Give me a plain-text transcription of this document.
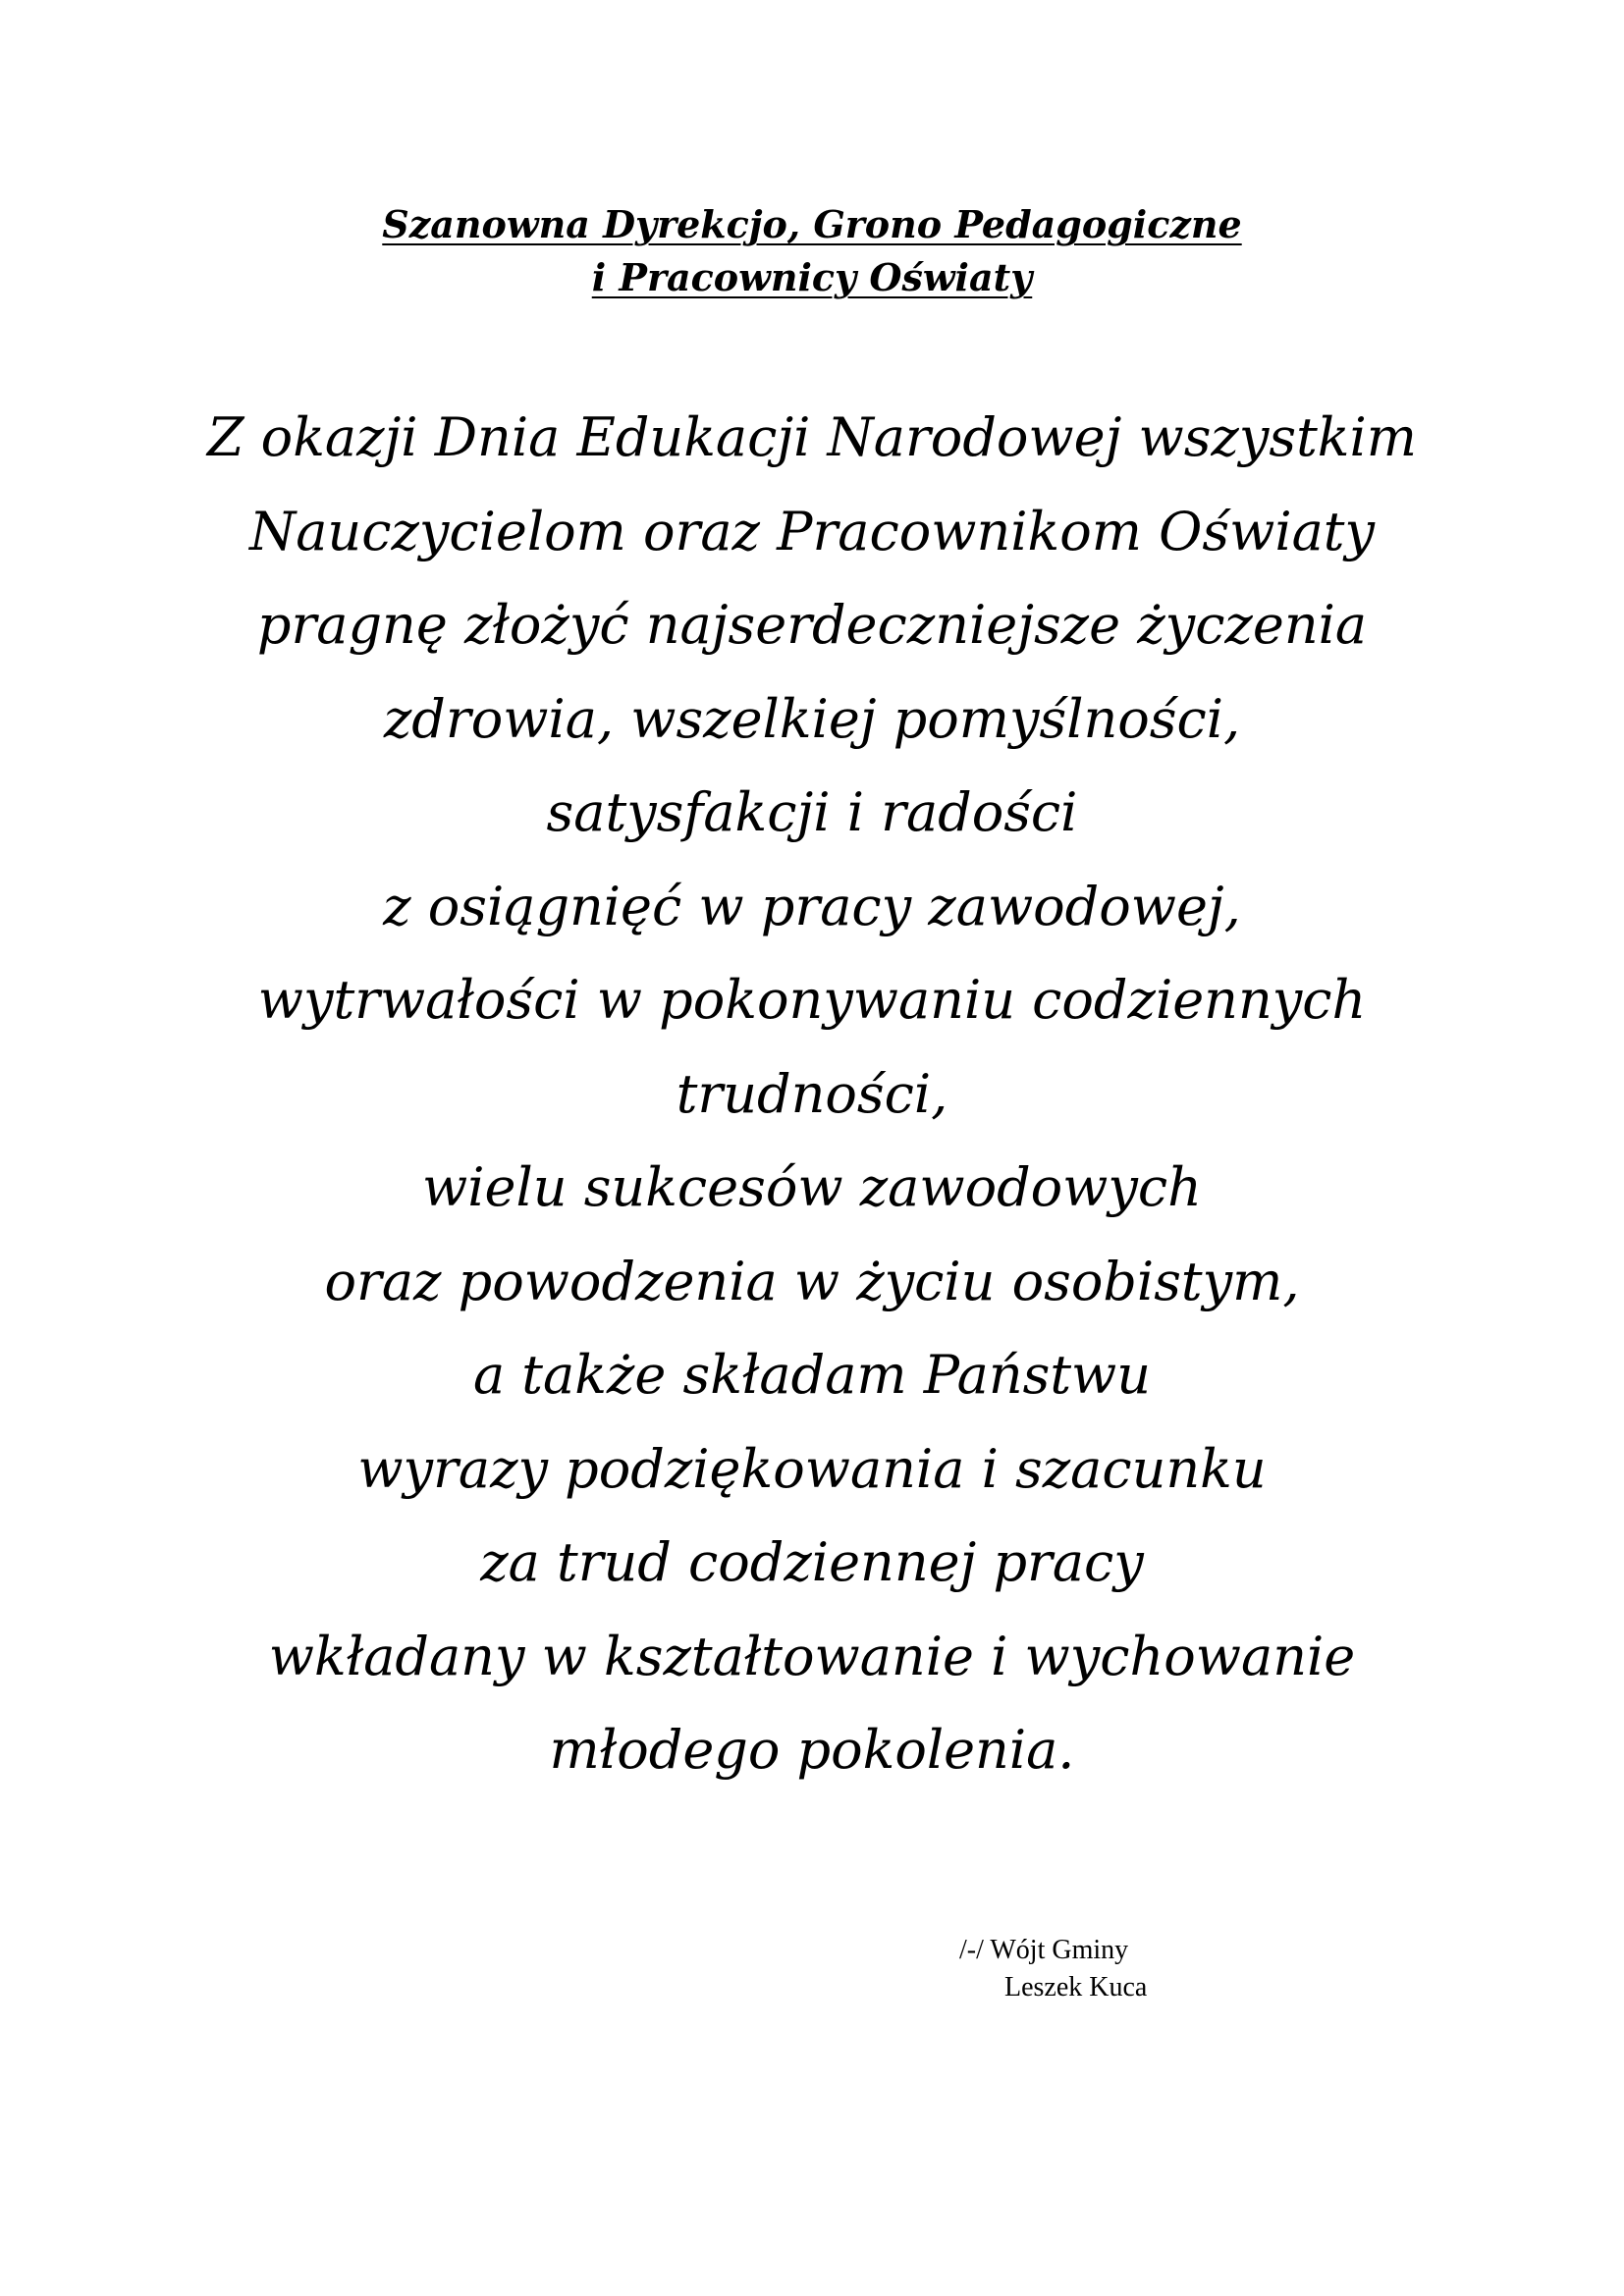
Szanowna Dyrekcjo, Grono Pedagogiczne
i Pracownicy Oświaty
Z okazji Dnia Edukacji Narodowej wszystkim
Nauczycielom oraz Pracownikom Oświaty
pragnę złożyć najserdeczniejsze życzenia
zdrowia, wszelkiej pomyślności,
satysfakcji i radości
z osiągnięć w pracy zawodowej,
wytrwałości w pokonywaniu codziennych
trudności,
wielu sukcesów zawodowych
oraz powodzenia w życiu osobistym,
a także składam Państwu
wyrazy podziękowania i szacunku
za trud codziennej pracy
wkładany w kształtowanie i wychowanie
młodego pokolenia.
/-/ Wójt Gminy
Leszek Kuca
